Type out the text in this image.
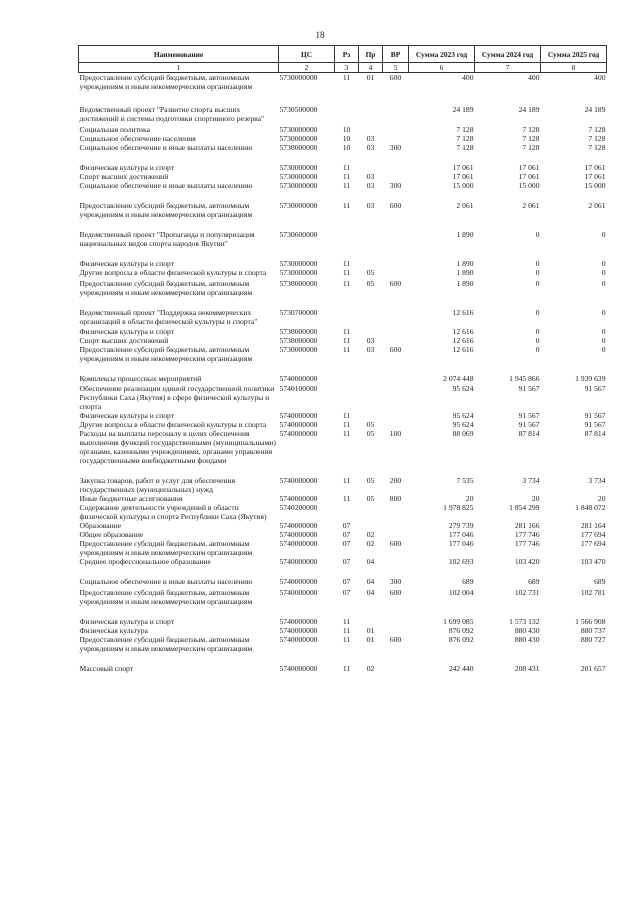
18
Наименование	ЦС	Рз	Пр	ВР	Сумма 2023 год	Сумма 2024 год	Сумма 2025 год
1	2	3	4	5	6	7	8
Предоставление субсидий бюджетным, автономным учреждениям и иным некоммерческим организациям	5730000000	11	01	600	400	400	400

Ведомственный проект "Развитие спорта высших достижений и системы подготовки спортивного резерва"	5730500000				24 189	24 189	24 189

Социальная политика	5730000000	10			7 128	7 128	7 128
Социальное обеспечение населения	5730000000	10	03		7 128	7 128	7 128
Социальное обеспечение и иные выплаты населению	5730000000	10	03	300	7 128	7 128	7 128

Физическая культура и спорт	5730000000	11			17 061	17 061	17 061
Спорт высших достижений	5730000000	11	03		17 061	17 061	17 061
Социальное обеспечение и иные выплаты населению	5730000000	11	03	300	15 000	15 000	15 000

Предоставление субсидий бюджетным, автономным учреждениям и иным некоммерческим организациям	5730000000	11	03	600	2 061	2 061	2 061

Ведомственный проект "Пропаганда и популяризация национальных видов спорта народов Якутии"	5730600000				1 890	0	0

Физическая культура и спорт	5730000000	11			1 890	0	0
Другие вопросы в области физической культуры и спорта	5730000000	11	05		1 890	0	0

Предоставление субсидий бюджетным, автономным учреждениям и иным некоммерческим организациям	5730000000	11	05	600	1 890	0	0

Ведомственный проект "Поддержка некоммерческих организаций в области физической культуры и спорта"	5730700000				12 616	0	0

Физическая культура и спорт	5730000000	11			12 616	0	0
Спорт высших достижений	5730000000	11	03		12 616	0	0
Предоставление субсидий бюджетным, автономным учреждениям и иным некоммерческим организациям	5730000000	11	03	600	12 616	0	0

Комплексы процессных мероприятий	5740000000				2 074 448	1 945 866	1 939 639

Обеспечение реализации единой государственной политики Республики Саха (Якутия) в сфере физической культуры и спорта	5740100000				95 624	91 567	91 567
Физическая культура и спорт	5740000000	11			95 624	91 567	91 567
Другие вопросы в области физической культуры и спорта	5740000000	11	05		95 624	91 567	91 567
Расходы на выплаты персоналу в целях обеспечения выполнения функций государственными (муниципальными) органами, казенными учреждениями, органами управления государственными внебюджетными фондами	5740000000	11	05	100	88 069	87 814	87 814

Закупка товаров, работ и услуг для обеспечения государственных (муниципальных) нужд	5740000000	11	05	200	7 535	3 734	3 734
Иные бюджетные ассигнования	5740000000	11	05	800	20	20	20
Содержание деятельности учреждений в области физической культуры и спорта Республики Саха (Якутия)	5740200000				1 978 825	1 854 299	1 848 072
Образование	5740000000	07			279 739	281 166	281 164
Общее образование	5740000000	07	02		177 046	177 746	177 694
Предоставление субсидий бюджетным, автономным учреждениям и иным некоммерческим организациям	5740000000	07	02	600	177 046	177 746	177 694
Среднее профессиональное образование	5740000000	07	04		102 693	103 420	103 470

Социальное обеспечение и иные выплаты населению	5740000000	07	04	300	689	689	689

Предоставление субсидий бюджетным, автономным учреждениям и иным некоммерческим организациям	5740000000	07	04	600	102 004	102 731	102 781

Физическая культура и спорт	5740000000	11			1 699 085	1 573 132	1 566 908
Физическая культура	5740000000	11	01		876 092	880 430	880 737
Предоставление субсидий бюджетным, автономным учреждениям и иным некоммерческим организациям	5740000000	11	01	600	876 092	880 430	880 727

Массовый спорт	5740000000	11	02		242 440	208 431	201 657
